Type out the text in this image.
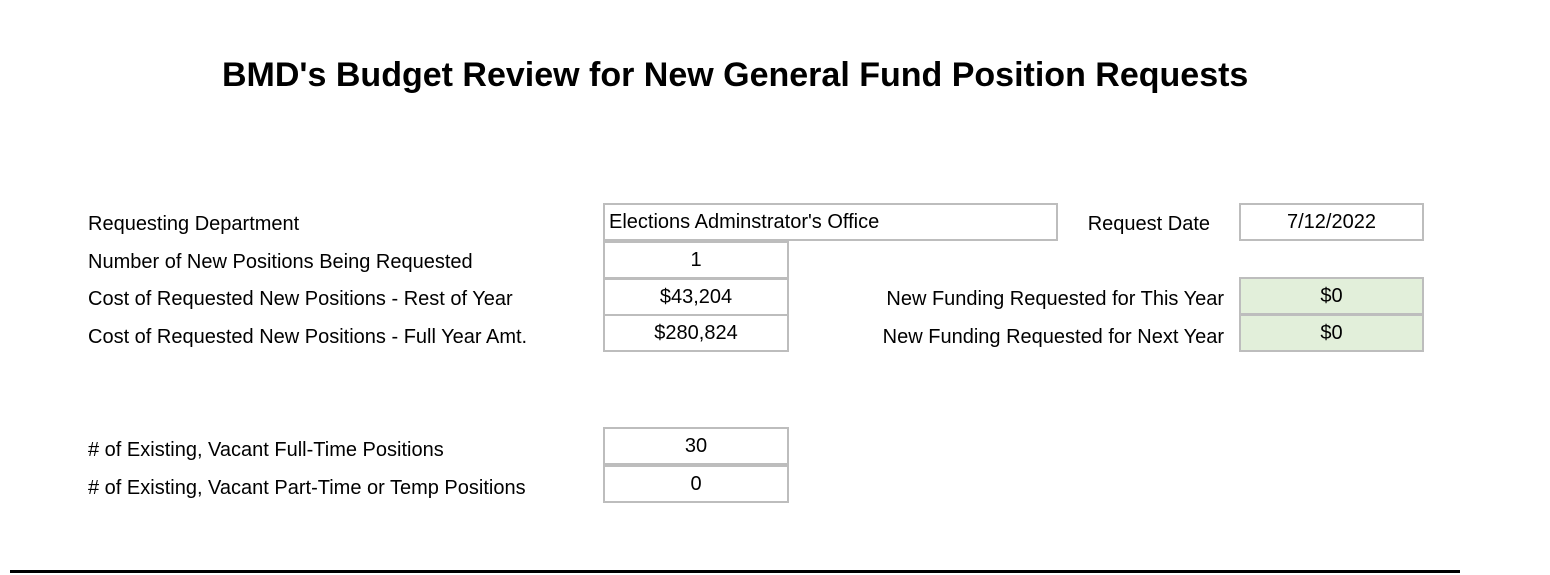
BMD's Budget Review for New General Fund Position Requests
Requesting Department
Number of New Positions Being Requested
Cost of Requested New Positions - Rest of Year
Cost of Requested New Positions - Full Year Amt.
# of Existing, Vacant Full-Time Positions
# of Existing, Vacant Part-Time or Temp Positions
Elections Adminstrator's Office
1
$43,204
$280,824
30
0
Request Date
New Funding Requested for This Year
New Funding Requested for Next Year
7/12/2022
$0
$0
